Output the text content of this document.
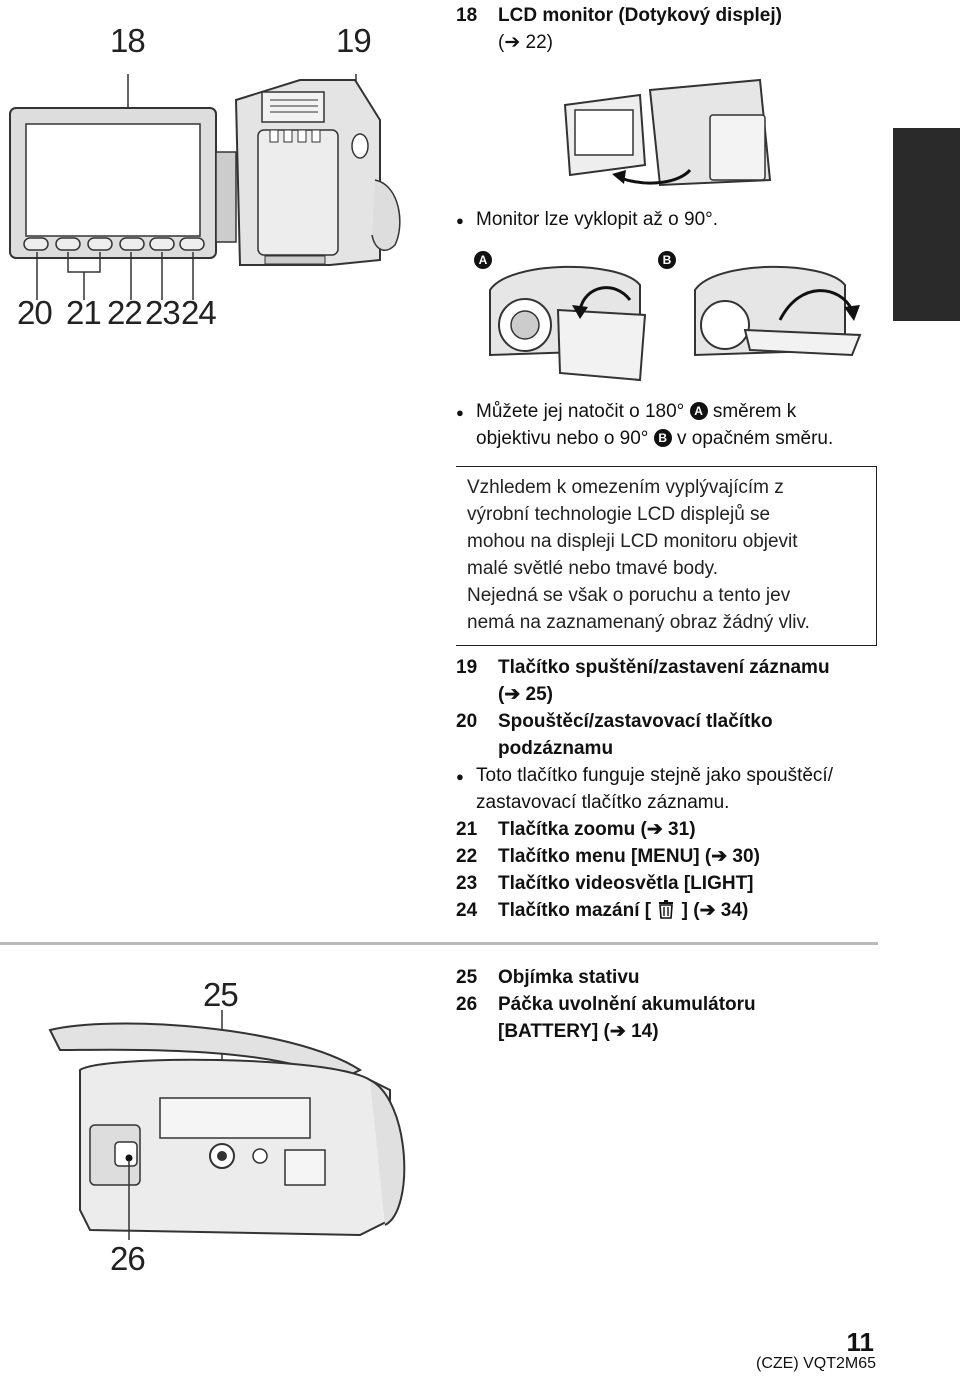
18	19
20 21 22 23 24
25
26
18 LCD monitor (Dotykový displej)
(➔ 22)
● Monitor lze vyklopit až o 90°.
A	B
● Můžete jej natočit o 180° A směrem k
objektivu nebo o 90° B v opačném směru.
Vzhledem k omezením vyplývajícím z
výrobní technologie LCD displejů se
mohou na displeji LCD monitoru objevit
malé světlé nebo tmavé body.
Nejedná se však o poruchu a tento jev
nemá na zaznamenaný obraz žádný vliv.
19 Tlačítko spuštění/zastavení záznamu
(➔ 25)
20 Spouštěcí/zastavovací tlačítko
podzáznamu
● Toto tlačítko funguje stejně jako spouštěcí/
zastavovací tlačítko záznamu.
21 Tlačítka zoomu (➔ 31)
22 Tlačítko menu [MENU] (➔ 30)
23 Tlačítko videosvětla [LIGHT]
24 Tlačítko mazání [ ] (➔ 34)
25 Objímka stativu
26 Páčka uvolnění akumulátoru
[BATTERY] (➔ 14)
11
(CZE) VQT2M65
